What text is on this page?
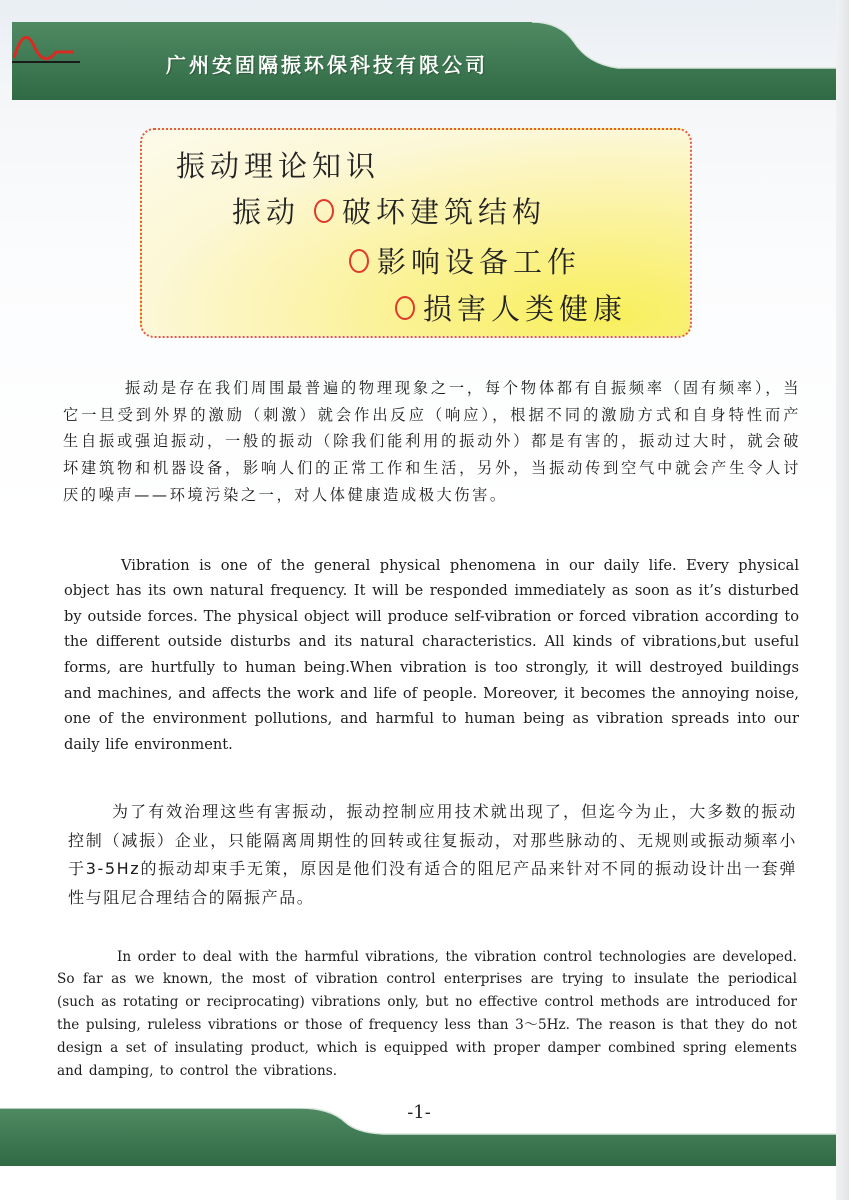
广州安固隔振环保科技有限公司
振动理论知识
振动 破坏建筑结构
影响设备工作
损害人类健康

振动是存在我们周围最普遍的物理现象之一，每个物体都有自振频率（固有频率），当它一旦受到外界的激励（刺激）就会作出反应（响应），根据不同的激励方式和自身特性而产生自振或强迫振动，一般的振动（除我们能利用的振动外）都是有害的，振动过大时，就会破坏建筑物和机器设备，影响人们的正常工作和生活，另外，当振动传到空气中就会产生令人讨厌的噪声——环境污染之一，对人体健康造成极大伤害。

Vibration is one of the general physical phenomena in our daily life. Every physical object has its own natural frequency. It will be responded immediately as soon as it’s disturbed by outside forces. The physical object will produce self-vibration or forced vibration according to the different outside disturbs and its natural characteristics. All kinds of vibrations,but useful forms, are hurtfully to human being.When vibration is too strongly, it will destroyed buildings and machines, and affects the work and life of people. Moreover, it becomes the annoying noise, one of the environment pollutions, and harmful to human being as vibration spreads into our daily life environment.

为了有效治理这些有害振动，振动控制应用技术就出现了，但迄今为止，大多数的振动控制（减振）企业，只能隔离周期性的回转或往复振动，对那些脉动的、无规则或振动频率小于3-5Hz的振动却束手无策，原因是他们没有适合的阻尼产品来针对不同的振动设计出一套弹性与阻尼合理结合的隔振产品。

In order to deal with the harmful vibrations, the vibration control technologies are developed. So far as we known, the most of vibration control enterprises are trying to insulate the periodical (such as rotating or reciprocating) vibrations only, but no effective control methods are introduced for the pulsing, ruleless vibrations or those of frequency less than 3～5Hz. The reason is that they do not design a set of insulating product, which is equipped with proper damper combined spring elements and damping, to control the vibrations.

-1-
